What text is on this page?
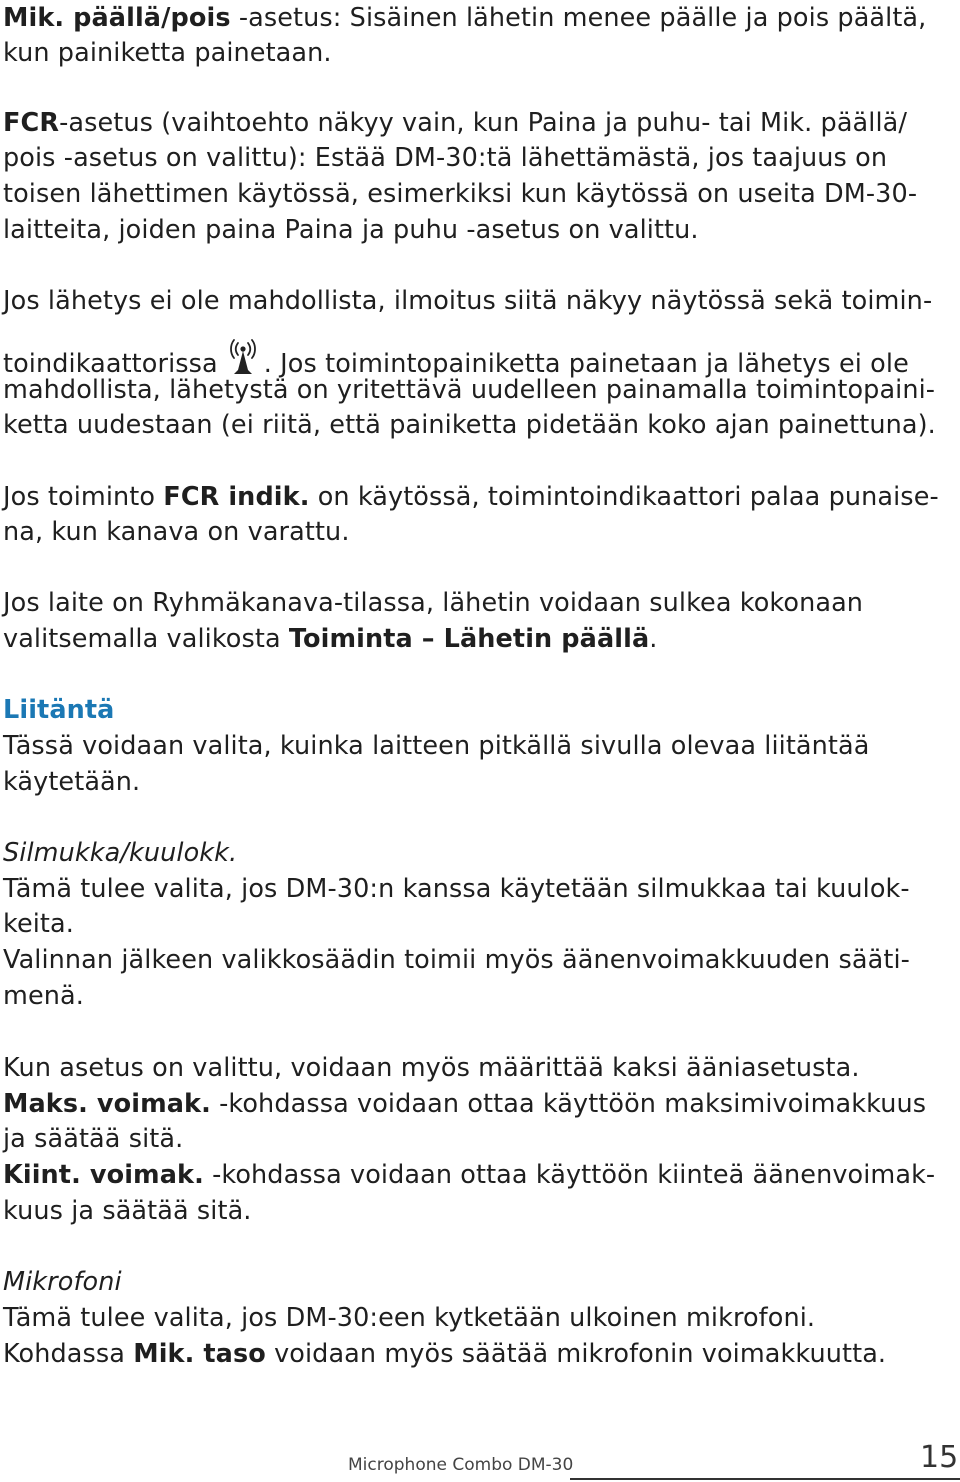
Mik. päällä/pois -asetus: Sisäinen lähetin menee päälle ja pois päältä,

kun painiketta painetaan.

FCR-asetus (vaihtoehto näkyy vain, kun Paina ja puhu- tai Mik. päällä/

pois -asetus on valittu): Estää DM-30:tä lähettämästä, jos taajuus on

toisen lähettimen käytössä, esimerkiksi kun käytössä on useita DM-30-

laitteita, joiden paina Paina ja puhu -asetus on valittu.

Jos lähetys ei ole mahdollista, ilmoitus siitä näkyy näytössä sekä toimin-

toindikaattorissa . Jos toimintopainiketta painetaan ja lähetys ei ole

mahdollista, lähetystä on yritettävä uudelleen painamalla toimintopaini-

ketta uudestaan (ei riitä, että painiketta pidetään koko ajan painettuna).

Jos toiminto FCR indik. on käytössä, toimintoindikaattori palaa punaise-

na, kun kanava on varattu.

Jos laite on Ryhmäkanava-tilassa, lähetin voidaan sulkea kokonaan

valitsemalla valikosta Toiminta – Lähetin päällä.

Liitäntä

Tässä voidaan valita, kuinka laitteen pitkällä sivulla olevaa liitäntää

käytetään.

Silmukka/kuulokk.

Tämä tulee valita, jos DM-30:n kanssa käytetään silmukkaa tai kuulok-

keita.

Valinnan jälkeen valikkosäädin toimii myös äänenvoimakkuuden sääti-

menä.

Kun asetus on valittu, voidaan myös määrittää kaksi ääniasetusta.

Maks. voimak. -kohdassa voidaan ottaa käyttöön maksimivoimakkuus

ja säätää sitä.

Kiint. voimak. -kohdassa voidaan ottaa käyttöön kiinteä äänenvoimak-

kuus ja säätää sitä.

Mikrofoni

Tämä tulee valita, jos DM-30:een kytketään ulkoinen mikrofoni.

Kohdassa Mik. taso voidaan myös säätää mikrofonin voimakkuutta.

Microphone Combo DM-30	15
